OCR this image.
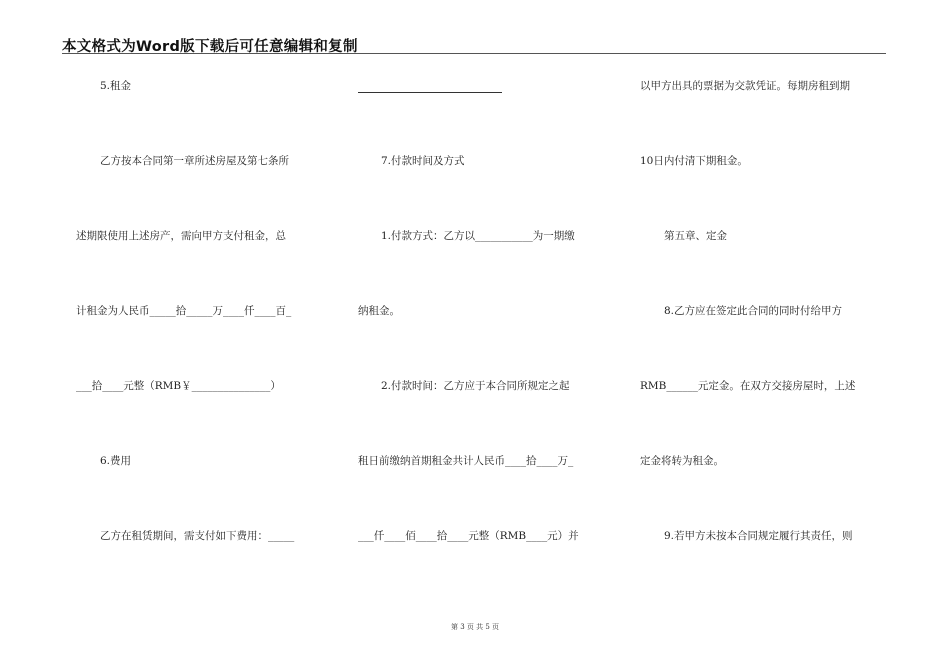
本文格式为Word版下载后可任意编辑和复制
5.租金
乙方按本合同第一章所述房屋及第七条所
述期限使用上述房产，需向甲方支付租金，总
计租金为人民币_____拾_____万____仟____百_
___拾____元整（RMB￥_______________）
6.费用
乙方在租赁期间，需支付如下费用：_____
7.付款时间及方式
1.付款方式：乙方以___________为一期缴
纳租金。
2.付款时间：乙方应于本合同所规定之起
租日前缴纳首期租金共计人民币____拾____万_
___仟____佰____拾____元整（RMB____元）并
以甲方出具的票据为交款凭证。每期房租到期
10日内付清下期租金。
第五章、定金
8.乙方应在签定此合同的同时付给甲方
RMB______元定金。在双方交接房屋时，上述
定金将转为租金。
9.若甲方未按本合同规定履行其责任，则
第 3 页 共 5 页
